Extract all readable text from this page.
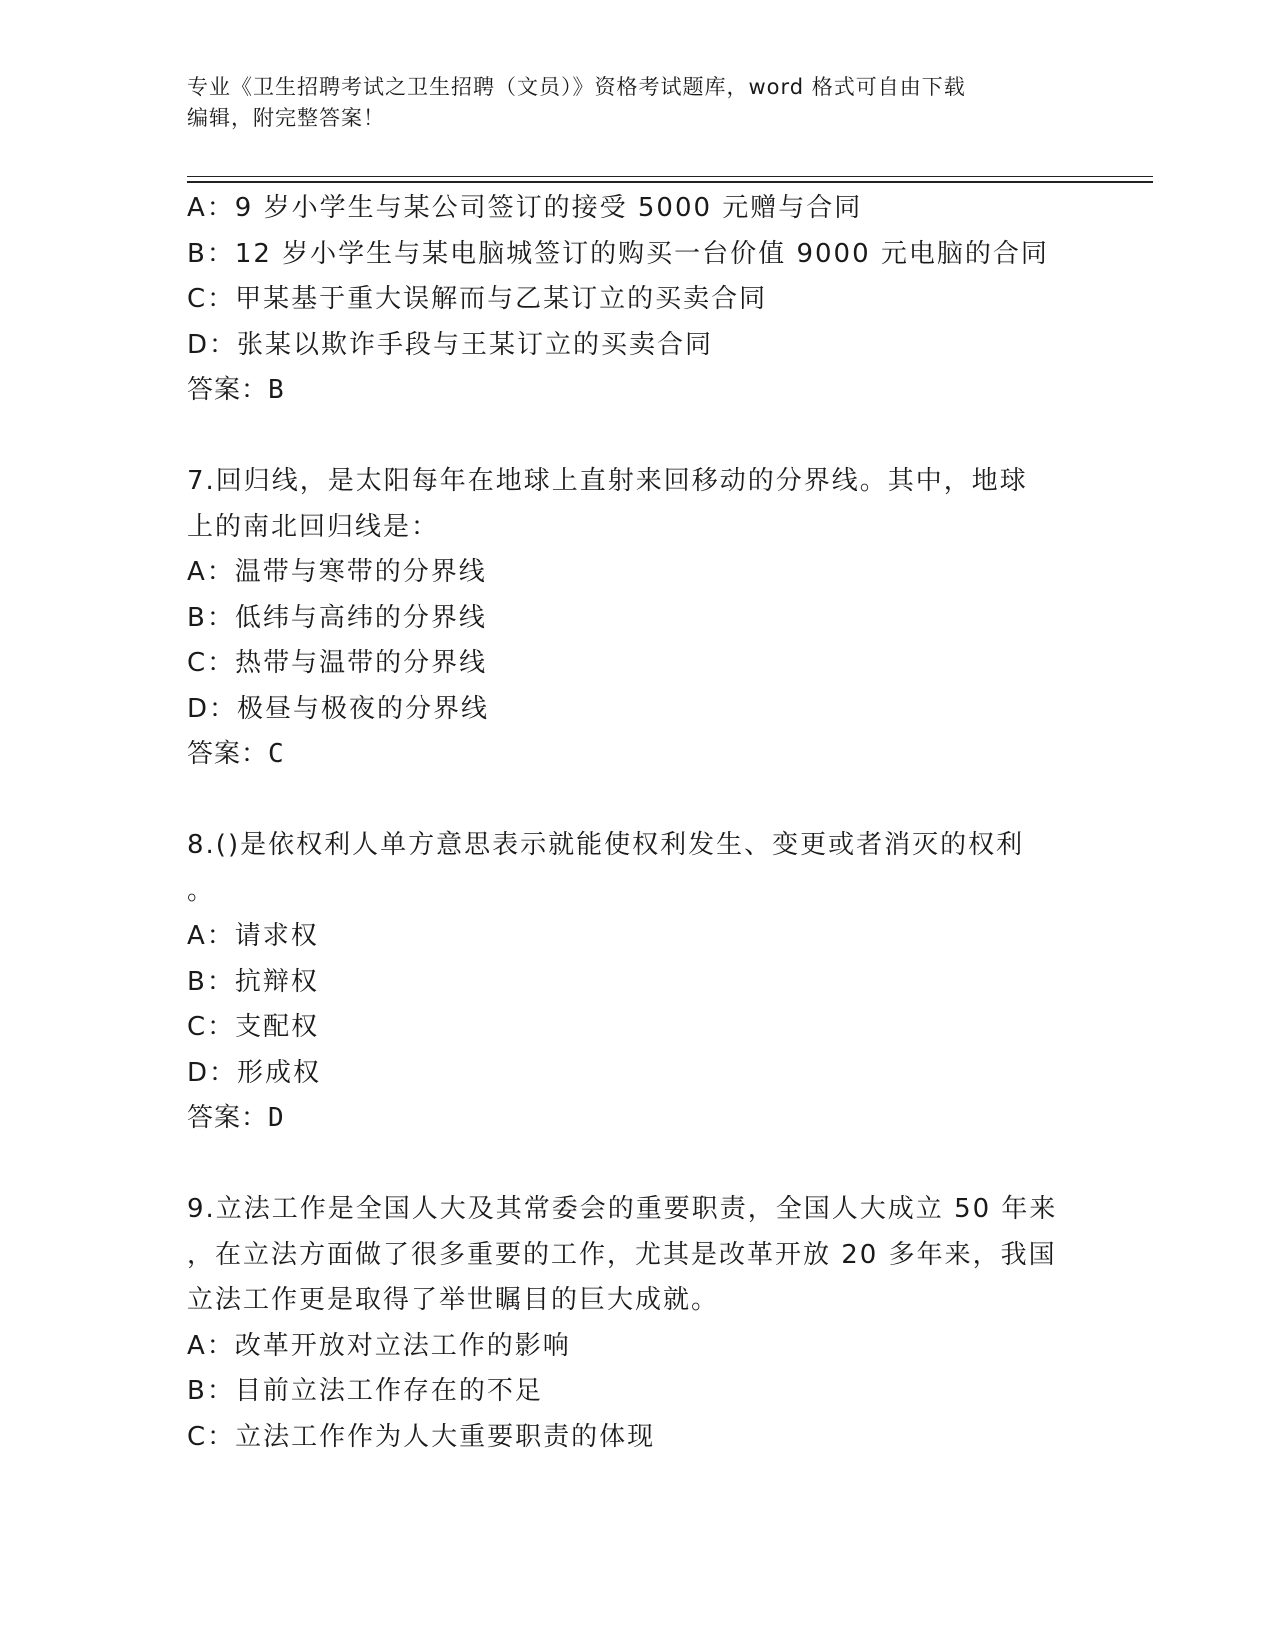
专业《卫生招聘考试之卫生招聘（文员）》资格考试题库，word 格式可自由下载
编辑，附完整答案！
A：9 岁小学生与某公司签订的接受 5000 元赠与合同
B：12 岁小学生与某电脑城签订的购买一台价值 9000 元电脑的合同
C：甲某基于重大误解而与乙某订立的买卖合同
D：张某以欺诈手段与王某订立的买卖合同
答案：B
7.回归线，是太阳每年在地球上直射来回移动的分界线。其中，地球
上的南北回归线是：
A：温带与寒带的分界线
B：低纬与高纬的分界线
C：热带与温带的分界线
D：极昼与极夜的分界线
答案：C
8.()是依权利人单方意思表示就能使权利发生、变更或者消灭的权利
。
A：请求权
B：抗辩权
C：支配权
D：形成权
答案：D
9.立法工作是全国人大及其常委会的重要职责，全国人大成立 50 年来
，在立法方面做了很多重要的工作，尤其是改革开放 20 多年来，我国
立法工作更是取得了举世瞩目的巨大成就。
A：改革开放对立法工作的影响
B：目前立法工作存在的不足
C：立法工作作为人大重要职责的体现
